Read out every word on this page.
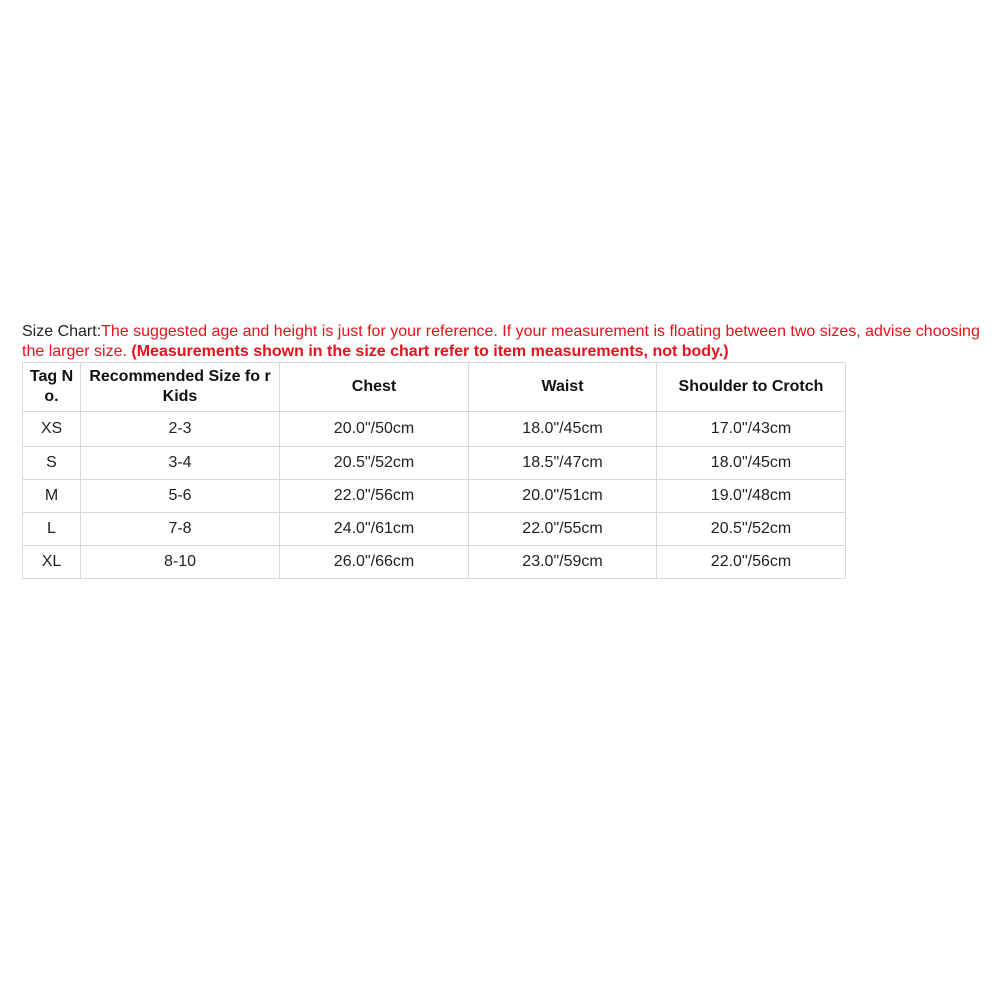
Size Chart:The suggested age and height is just for your reference. If your measurement is floating between two sizes, advise choosing the larger size. (Measurements shown in the size chart refer to item measurements, not body.)
Tag N o.	Recommended Size fo r Kids	Chest	Waist	Shoulder to Crotch
XS	2-3	20.0"/50cm	18.0"/45cm	17.0"/43cm
S	3-4	20.5"/52cm	18.5"/47cm	18.0"/45cm
M	5-6	22.0"/56cm	20.0"/51cm	19.0"/48cm
L	7-8	24.0"/61cm	22.0"/55cm	20.5"/52cm
XL	8-10	26.0"/66cm	23.0"/59cm	22.0"/56cm
